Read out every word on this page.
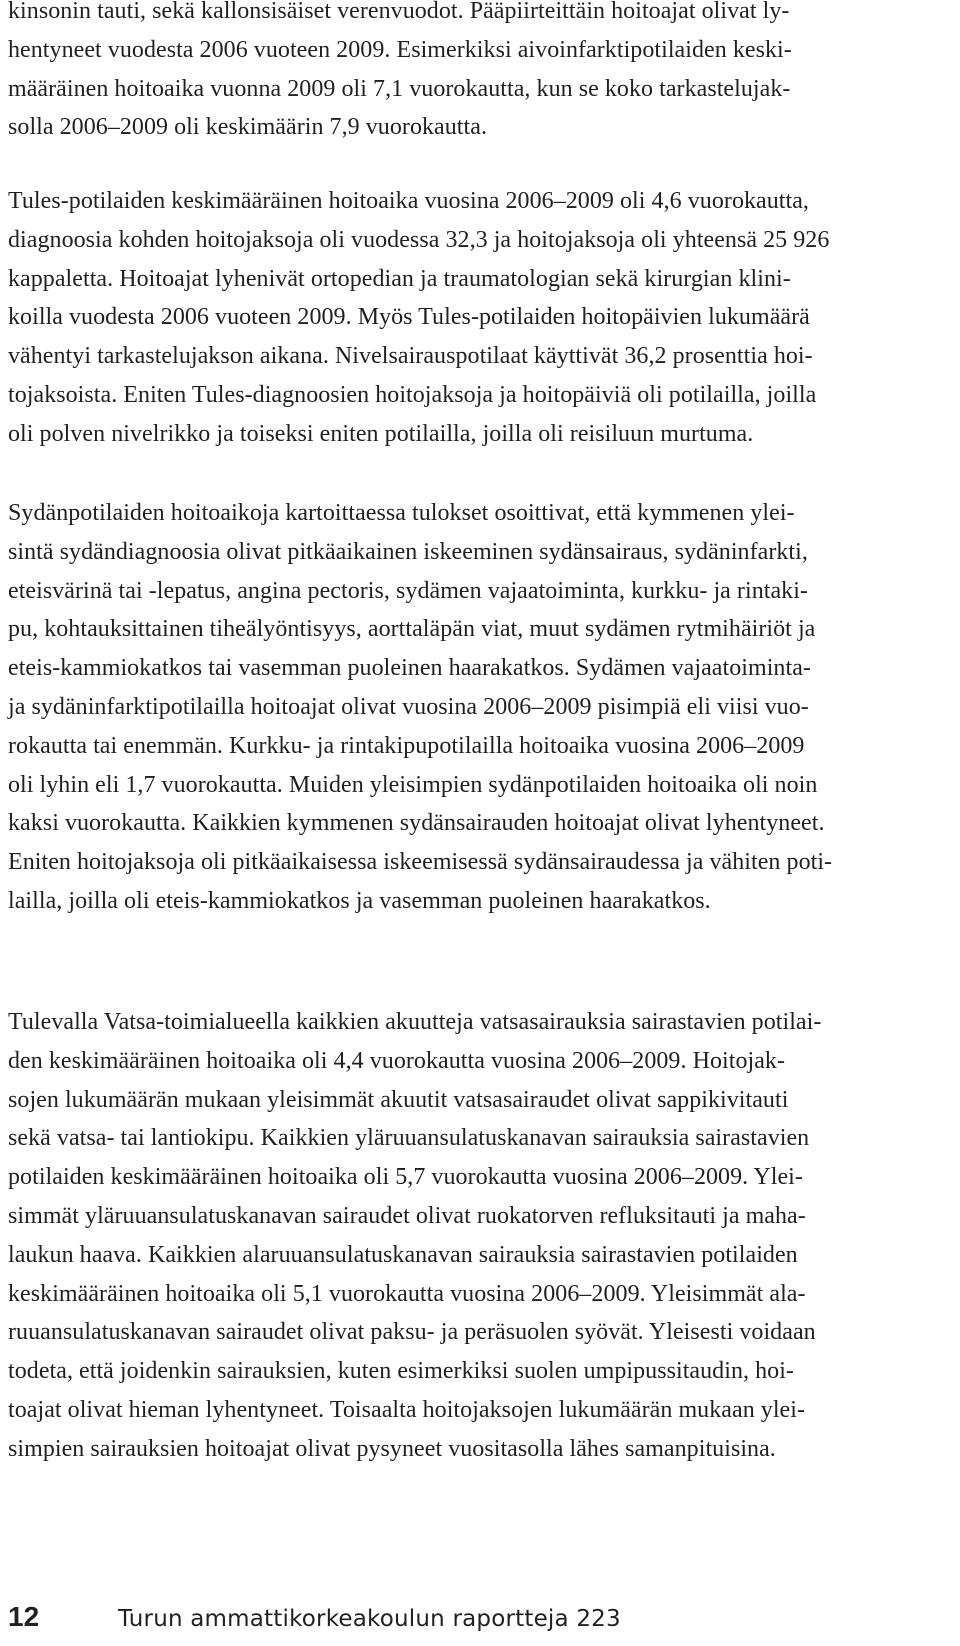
kinsonin tauti, sekä kallonsisäiset verenvuodot. Pääpiirteittäin hoitoajat olivat ly-
hentyneet vuodesta 2006 vuoteen 2009. Esimerkiksi aivoinfarktipotilaiden keski-
määräinen hoitoaika vuonna 2009 oli 7,1 vuorokautta, kun se koko tarkastelujak-
solla 2006–2009 oli keskimäärin 7,9 vuorokautta.

Tules-potilaiden keskimääräinen hoitoaika vuosina 2006–2009 oli 4,6 vuorokautta,
diagnoosia kohden hoitojaksoja oli vuodessa 32,3 ja hoitojaksoja oli yhteensä 25 926
kappaletta. Hoitoajat lyhenivät ortopedian ja traumatologian sekä kirurgian klini-
koilla vuodesta 2006 vuoteen 2009. Myös Tules-potilaiden hoitopäivien lukumäärä
vähentyi tarkastelujakson aikana. Nivelsairauspotilaat käyttivät 36,2 prosenttia hoi-
tojaksoista. Eniten Tules-diagnoosien hoitojaksoja ja hoitopäiviä oli potilailla, joilla
oli polven nivelrikko ja toiseksi eniten potilailla, joilla oli reisiluun murtuma.

Sydänpotilaiden hoitoaikoja kartoittaessa tulokset osoittivat, että kymmenen ylei-
sintä sydändiagnoosia olivat pitkäaikainen iskeeminen sydänsairaus, sydäninfarkti,
eteisvärinä tai -lepatus, angina pectoris, sydämen vajaatoiminta, kurkku- ja rintaki-
pu, kohtauksittainen tiheälyöntisyys, aorttaläpän viat, muut sydämen rytmihäiriöt ja
eteis-kammiokatkos tai vasemman puoleinen haarakatkos. Sydämen vajaatoiminta-
ja sydäninfarktipotilailla hoitoajat olivat vuosina 2006–2009 pisimpiä eli viisi vuo-
rokautta tai enemmän. Kurkku- ja rintakipupotilailla hoitoaika vuosina 2006–2009
oli lyhin eli 1,7 vuorokautta. Muiden yleisimpien sydänpotilaiden hoitoaika oli noin
kaksi vuorokautta. Kaikkien kymmenen sydänsairauden hoitoajat olivat lyhentyneet.
Eniten hoitojaksoja oli pitkäaikaisessa iskeemisessä sydänsairaudessa ja vähiten poti-
lailla, joilla oli eteis-kammiokatkos ja vasemman puoleinen haarakatkos.

Tulevalla Vatsa-toimialueella kaikkien akuutteja vatsasairauksia sairastavien potilai-
den keskimääräinen hoitoaika oli 4,4 vuorokautta vuosina 2006–2009. Hoitojak-
sojen lukumäärän mukaan yleisimmät akuutit vatsasairaudet olivat sappikivitauti
sekä vatsa- tai lantiokipu. Kaikkien yläruuansulatuskanavan sairauksia sairastavien
potilaiden keskimääräinen hoitoaika oli 5,7 vuorokautta vuosina 2006–2009. Ylei-
simmät yläruuansulatuskanavan sairaudet olivat ruokatorven refluksitauti ja maha-
laukun haava. Kaikkien alaruuansulatuskanavan sairauksia sairastavien potilaiden
keskimääräinen hoitoaika oli 5,1 vuorokautta vuosina 2006–2009. Yleisimmät ala-
ruuansulatuskanavan sairaudet olivat paksu- ja peräsuolen syövät. Yleisesti voidaan
todeta, että joidenkin sairauksien, kuten esimerkiksi suolen umpipussitaudin, hoi-
toajat olivat hieman lyhentyneet. Toisaalta hoitojaksojen lukumäärän mukaan ylei-
simpien sairauksien hoitoajat olivat pysyneet vuositasolla lähes samanpituisina.

12	Turun ammattikorkeakoulun raportteja 223
